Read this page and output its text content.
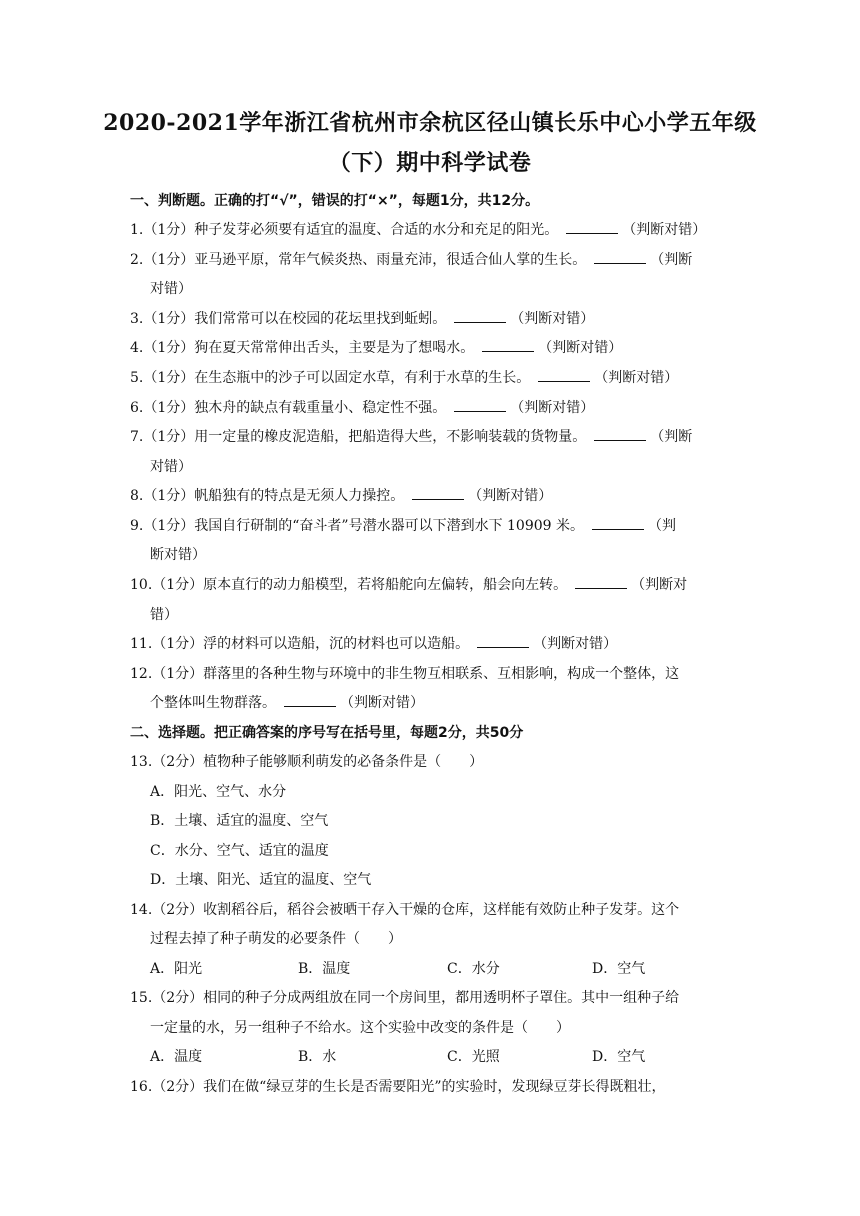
2020-2021学年浙江省杭州市余杭区径山镇长乐中心小学五年级
（下）期中科学试卷
一、判断题。正确的打“√”，错误的打“×”，每题1分，共12分。
1.（1分）种子发芽必须要有适宜的温度、合适的水分和充足的阳光。	（判断对错）
2.（1分）亚马逊平原，常年气候炎热、雨量充沛，很适合仙人掌的生长。	（判断
对错）
3.（1分）我们常常可以在校园的花坛里找到蚯蚓。	（判断对错）
4.（1分）狗在夏天常常伸出舌头，主要是为了想喝水。	（判断对错）
5.（1分）在生态瓶中的沙子可以固定水草，有利于水草的生长。	（判断对错）
6.（1分）独木舟的缺点有载重量小、稳定性不强。	（判断对错）
7.（1分）用一定量的橡皮泥造船，把船造得大些，不影响装载的货物量。	（判断
对错）
8.（1分）帆船独有的特点是无须人力操控。	（判断对错）
9.（1分）我国自行研制的“奋斗者”号潜水器可以下潜到水下 10909 米。	（判
断对错）
10.（1分）原本直行的动力船模型，若将船舵向左偏转，船会向左转。	（判断对
错）
11.（1分）浮的材料可以造船，沉的材料也可以造船。	（判断对错）
12.（1分）群落里的各种生物与环境中的非生物互相联系、互相影响，构成一个整体，这
个整体叫生物群落。	（判断对错）
二、选择题。把正确答案的序号写在括号里，每题2分，共50分
13.（2分）植物种子能够顺利萌发的必备条件是（　　）
A．阳光、空气、水分
B．土壤、适宜的温度、空气
C．水分、空气、适宜的温度
D．土壤、阳光、适宜的温度、空气
14.（2分）收割稻谷后，稻谷会被晒干存入干燥的仓库，这样能有效防止种子发芽。这个
过程去掉了种子萌发的必要条件（　　）
A．阳光	B．温度	C．水分	D．空气
15.（2分）相同的种子分成两组放在同一个房间里，都用透明杯子罩住。其中一组种子给
一定量的水，另一组种子不给水。这个实验中改变的条件是（　　）
A．温度	B．水	C．光照	D．空气
16.（2分）我们在做“绿豆芽的生长是否需要阳光”的实验时，发现绿豆芽长得既粗壮，
